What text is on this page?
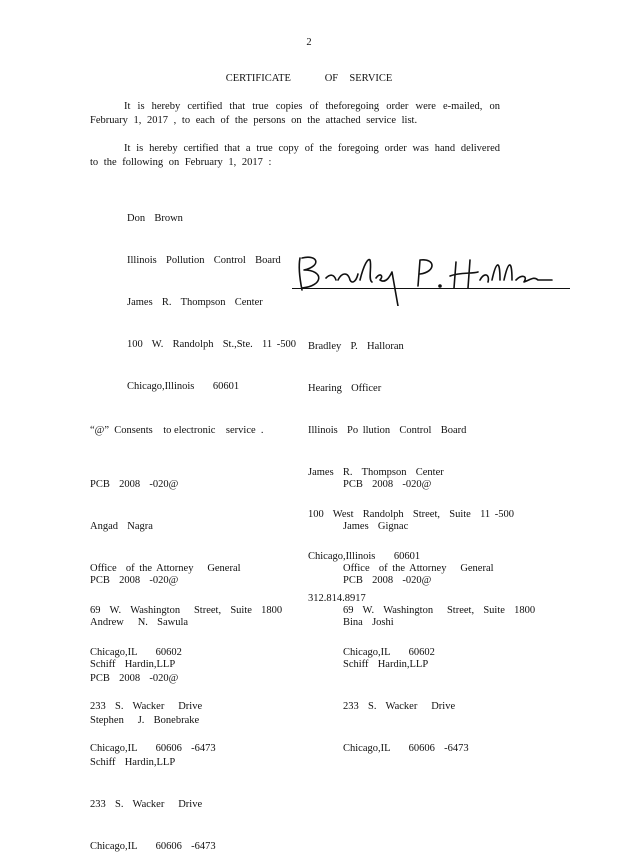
2
CERTIFICATE      OF  SERVICE
It is hereby certified that true copies of theforegoing order were e-mailed, on February 1, 2017 , to each of the persons on the attached service list.
It is hereby certified that a true copy of the foregoing order was hand delivered to the following on February 1, 2017 :

Don  Brown

Illinois  Pollution  Control  Board

James  R.  Thompson  Center

100  W.  Randolph  St.,Ste.  11 -500

Chicago,Illinois    60601

Bradley  P.  Halloran

Hearing  Officer

Illinois  Po llution  Control  Board

James  R.  Thompson  Center

100  West  Randolph  Street,  Suite  11 -500

Chicago,Illinois    60601

312.814.8917

“@”  Consents    to electronic    service  .

PCB  2008  -020@

Angad  Nagra

Office  of the Attorney   General

69  W.  Washington   Street,  Suite  1800

Chicago,IL    60602

PCB  2008  -020@

James  Gignac

Office  of the Attorney   General

69  W.  Washington   Street,  Suite  1800

Chicago,IL    60602

PCB  2008  -020@

Andrew   N.  Sawula

Schiff  Hardin,LLP

233  S.  Wacker   Drive

Chicago,IL    60606  -6473

PCB  2008  -020@

Bina  Joshi

Schiff  Hardin,LLP

233  S.  Wacker   Drive

Chicago,IL    60606  -6473

PCB  2008  -020@

Stephen   J.  Bonebrake

Schiff  Hardin,LLP

233  S.  Wacker   Drive

Chicago,IL    60606  -6473
